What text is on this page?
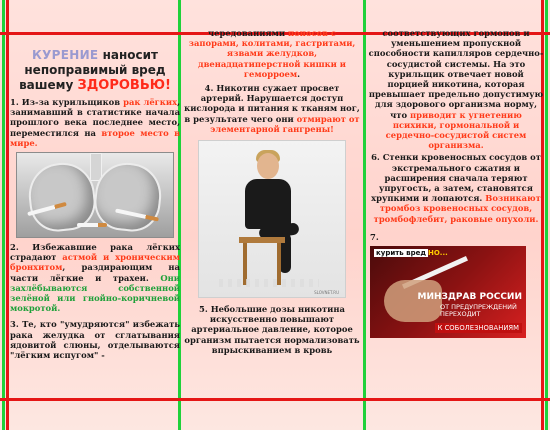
КУРЕНИЕ наносит непоправимый вред вашему ЗДОРОВЬЮ!

1. Из-за курильщиков рак лёгких, занимавший в статистике начала прошлого века последнее место, переместился на второе место в мире.

2. Избежавшие рака лёгких страдают астмой и хроническим бронхитом, раздирающим на части лёгкие и трахеи. Они захлёбываются собственной зелёной или гнойно-коричневой мокротой.

3. Те, кто "умудряются" избежать рака желудка от сглатывания ядовитой слюны, отделываются "лёгким испугом" -

чередованиями поносов с запорами, колитами, гастритами, язвами желудков, двенадцатиперстной кишки и геморроем.

4. Никотин сужает просвет артерий. Нарушается доступ кислорода и питания к тканям ног, в результате чего они отмирают от элементарной гангрены!

SLOVNET.RU

5. Небольшие дозы никотина искусственно повышают артериальное давление, которое организм пытается нормализовать впрыскиванием в кровь

соответствующих гормонов и уменьшением пропускной способности капилляров сердечно-сосудистой системы. На это курильщик отвечает новой порцией никотина, которая превышает предельно допустимую для здорового организма норму, что приводит к угнетению психики, гормональной и сердечно-сосудистой систем организма.

6. Стенки кровеносных сосудов от экстремального сжатия и расширения сначала теряют упругость, а затем, становятся хрупкими и лопаются. Возникают тромбоз кровеносных сосудов, тромбофлебит, раковые опухоли.

7.
курить вред НО...
МИНЗДРАВ РОССИИ
ОТ ПРЕДУПРЕЖДЕНИЙ ПЕРЕХОДИТ
К СОБОЛЕЗНОВАНИЯМ
